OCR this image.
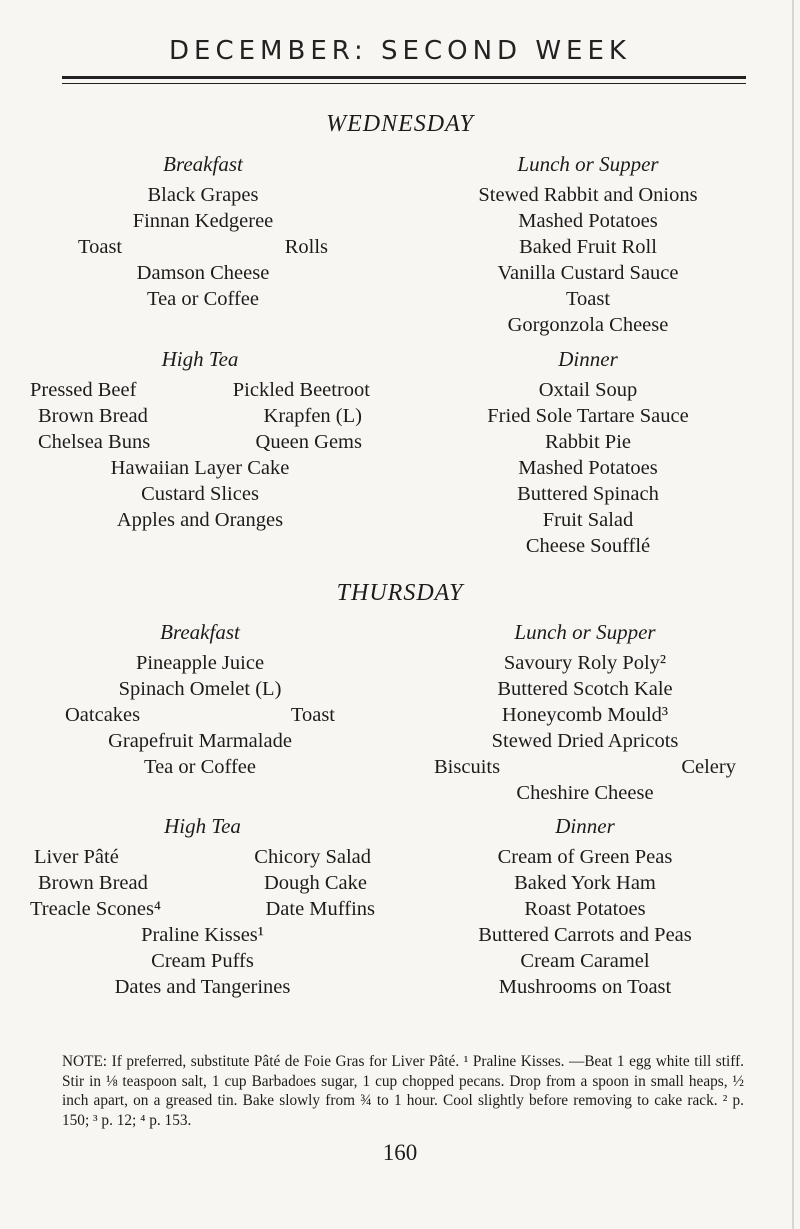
DECEMBER: SECOND WEEK
WEDNESDAY
Breakfast
Black Grapes
Finnan Kedgeree
Toast	Rolls
Damson Cheese
Tea or Coffee
Lunch or Supper
Stewed Rabbit and Onions
Mashed Potatoes
Baked Fruit Roll
Vanilla Custard Sauce
Toast
Gorgonzola Cheese
High Tea
Pressed Beef	Pickled Beetroot
Brown Bread	Krapfen (L)
Chelsea Buns	Queen Gems
Hawaiian Layer Cake
Custard Slices
Apples and Oranges
Dinner
Oxtail Soup
Fried Sole Tartare Sauce
Rabbit Pie
Mashed Potatoes
Buttered Spinach
Fruit Salad
Cheese Soufflé
THURSDAY
Breakfast
Pineapple Juice
Spinach Omelet (L)
Oatcakes	Toast
Grapefruit Marmalade
Tea or Coffee
Lunch or Supper
Savoury Roly Poly²
Buttered Scotch Kale
Honeycomb Mould³
Stewed Dried Apricots
Biscuits	Celery
Cheshire Cheese
High Tea
Liver Pâté	Chicory Salad
Brown Bread	Dough Cake
Treacle Scones⁴	Date Muffins
Praline Kisses¹
Cream Puffs
Dates and Tangerines
Dinner
Cream of Green Peas
Baked York Ham
Roast Potatoes
Buttered Carrots and Peas
Cream Caramel
Mushrooms on Toast
NOTE: If preferred, substitute Pâté de Foie Gras for Liver Pâté. ¹ Praline Kisses. —Beat 1 egg white till stiff. Stir in ⅛ teaspoon salt, 1 cup Barbadoes sugar, 1 cup chopped pecans. Drop from a spoon in small heaps, ½ inch apart, on a greased tin. Bake slowly from ¾ to 1 hour. Cool slightly before removing to cake rack. ² p. 150; ³ p. 12; ⁴ p. 153.
160
